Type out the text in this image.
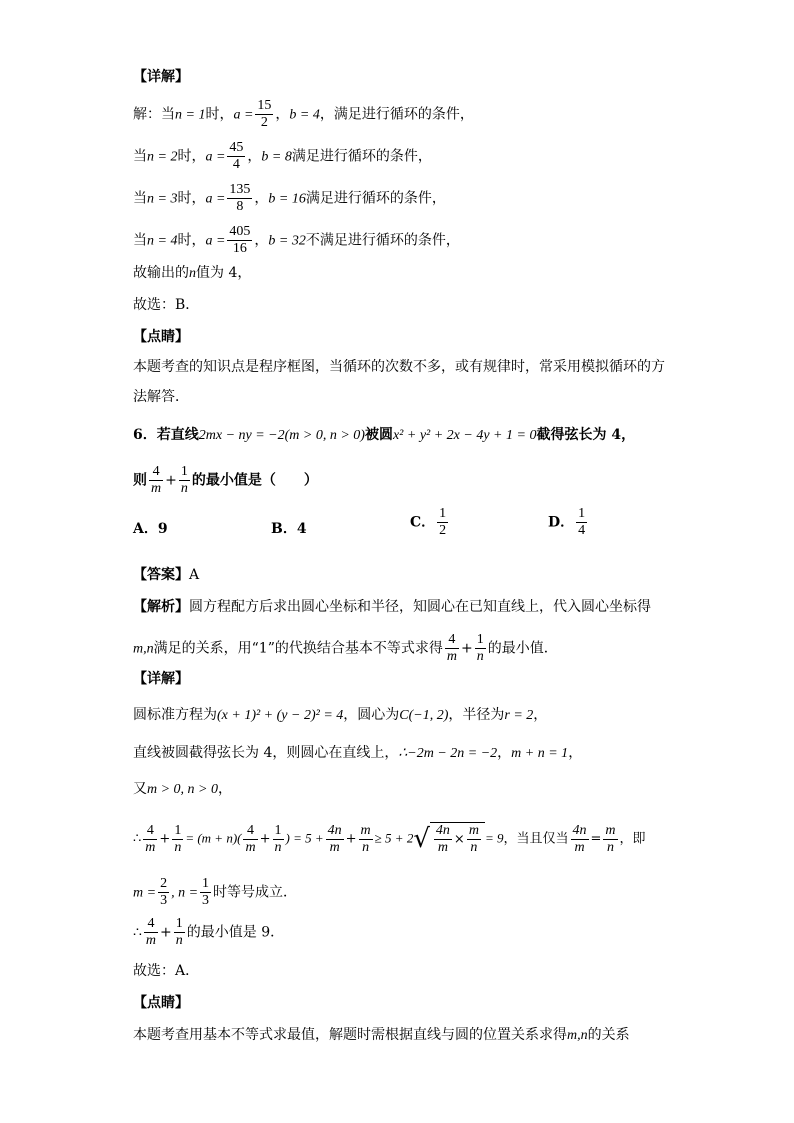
【详解】
解：当n = 1时，$a = \frac{15}{2}$ ，b = 4，满足进行循环的条件，
当n = 2时，$a = \frac{45}{4}$ ，b = 8满足进行循环的条件，
当n = 3时，$a = \frac{135}{8}$ ，b = 16满足进行循环的条件，
当n = 4时，$a = \frac{405}{16}$ ，b = 32不满足进行循环的条件，
故输出的n值为 4，
故选：B．
【点睛】
本题考查的知识点是程序框图，当循环的次数不多，或有规律时，常采用模拟循环的方
法解答．
6．若直线2mx − ny = −2(m > 0, n > 0)被圆x² + y² + 2x − 4y + 1 = 0截得弦长为 4，
则 $\frac{4}{m} + \frac{1}{n}$ 的最小值是（　　）
A．9	B．4	C． $\frac{1}{2}$	D． $\frac{1}{4}$
【答案】A
【解析】圆方程配方后求出圆心坐标和半径，知圆心在已知直线上，代入圆心坐标得
m,n满足的关系，用“1”的代换结合基本不等式求得 $\frac{4}{m} + \frac{1}{n}$ 的最小值．
【详解】
圆标准方程为(x + 1)² + (y − 2)² = 4，圆心为C(−1, 2)，半径为r = 2，
直线被圆截得弦长为 4，则圆心在直线上，∴−2m − 2n = −2，m + n = 1，
又m > 0, n > 0，
∴ $\frac{4}{m} + \frac{1}{n} = (m + n)( \frac{4}{m} + \frac{1}{n}$ ) = $5 + \frac{4n}{m} + \frac{m}{n} \ge 5 + 2√ \frac{4n}{m} \times \frac{m}{n} = 9$，当且仅当 $\frac{4n}{m} = \frac{m}{n}$ ，即
$m = \frac{2}{3}$ , $n = \frac{1}{3}$ 时等号成立．
∴ $\frac{4}{m} + \frac{1}{n}$ 的最小值是 9．
故选：A．
【点睛】
本题考查用基本不等式求最值，解题时需根据直线与圆的位置关系求得m,n的关系
